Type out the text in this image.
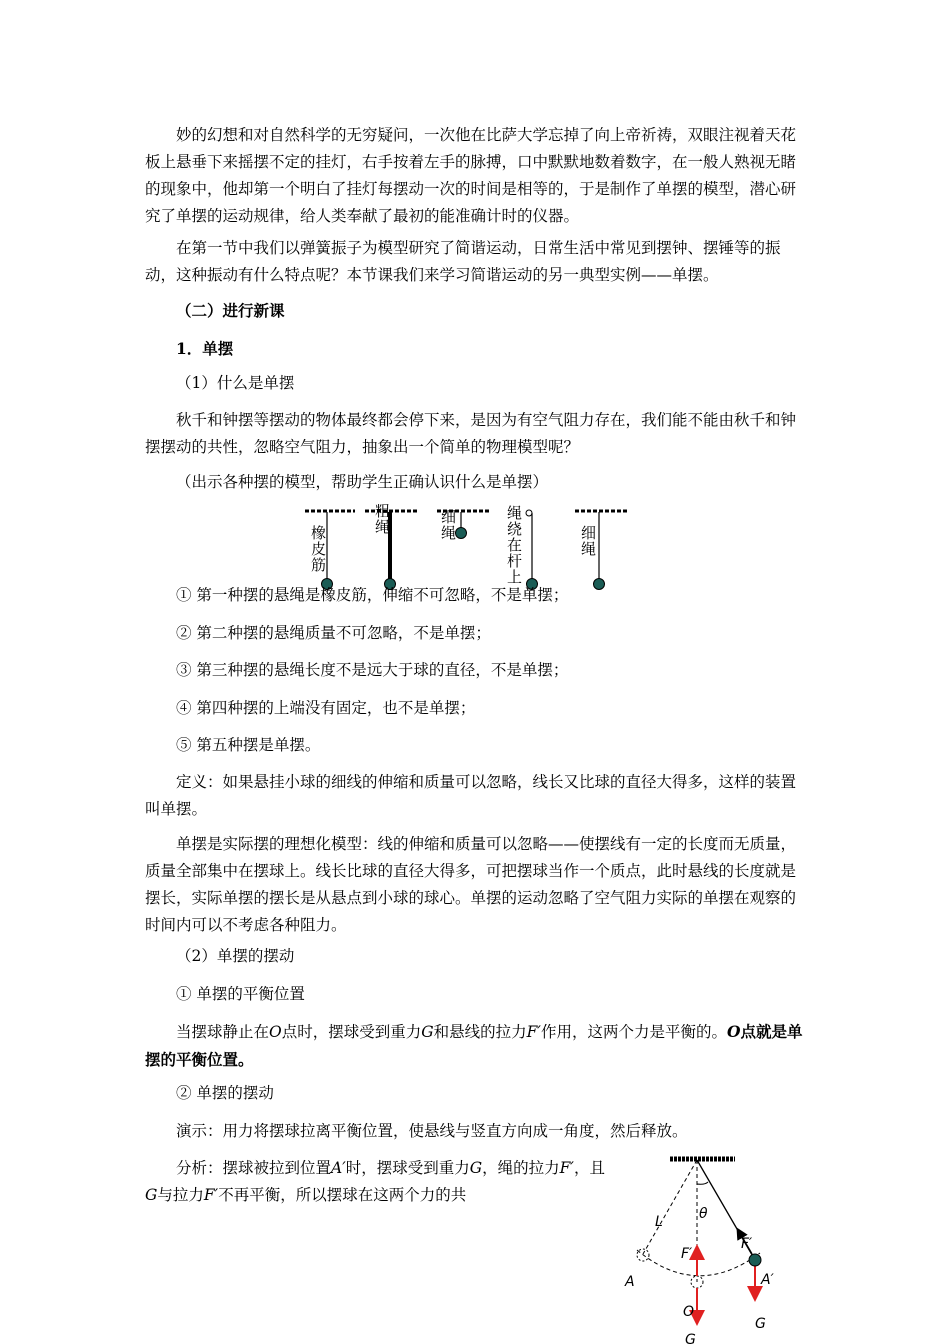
妙的幻想和对自然科学的无穷疑问，一次他在比萨大学忘掉了向上帝祈祷，双眼注视着天花板上悬垂下来摇摆不定的挂灯，右手按着左手的脉搏，口中默默地数着数字，在一般人熟视无睹的现象中，他却第一个明白了挂灯每摆动一次的时间是相等的，于是制作了单摆的模型，潜心研究了单摆的运动规律，给人类奉献了最初的能准确计时的仪器。

在第一节中我们以弹簧振子为模型研究了简谐运动，日常生活中常见到摆钟、摆锤等的振动，这种振动有什么特点呢？本节课我们来学习简谐运动的另一典型实例——单摆。

（二）进行新课

1．单摆

（1）什么是单摆

秋千和钟摆等摆动的物体最终都会停下来，是因为有空气阻力存在，我们能不能由秋千和钟摆摆动的共性，忽略空气阻力，抽象出一个简单的物理模型呢？

（出示各种摆的模型，帮助学生正确认识什么是单摆）

橡皮筋
粗绳
细绳
绳绕在杆上
细绳

① 第一种摆的悬绳是橡皮筋，伸缩不可忽略，不是单摆；

② 第二种摆的悬绳质量不可忽略，不是单摆；

③ 第三种摆的悬绳长度不是远大于球的直径，不是单摆；

④ 第四种摆的上端没有固定，也不是单摆；

⑤ 第五种摆是单摆。

定义：如果悬挂小球的细线的伸缩和质量可以忽略，线长又比球的直径大得多，这样的装置叫单摆。

单摆是实际摆的理想化模型：线的伸缩和质量可以忽略——使摆线有一定的长度而无质量，质量全部集中在摆球上。线长比球的直径大得多，可把摆球当作一个质点，此时悬线的长度就是摆长，实际单摆的摆长是从悬点到小球的球心。单摆的运动忽略了空气阻力实际的单摆在观察的时间内可以不考虑各种阻力。

（2）单摆的摆动

① 单摆的平衡位置

当摆球静止在O点时，摆球受到重力G和悬线的拉力F′作用，这两个力是平衡的。O点就是单摆的平衡位置。

② 单摆的摆动

演示：用力将摆球拉离平衡位置，使悬线与竖直方向成一角度，然后释放。

分析：摆球被拉到位置A′时，摆球受到重力G，绳的拉力F′，且G与拉力F′不再平衡，所以摆球在这两个力的共

θ
L
F′
F′
A	A′
O
G
G
